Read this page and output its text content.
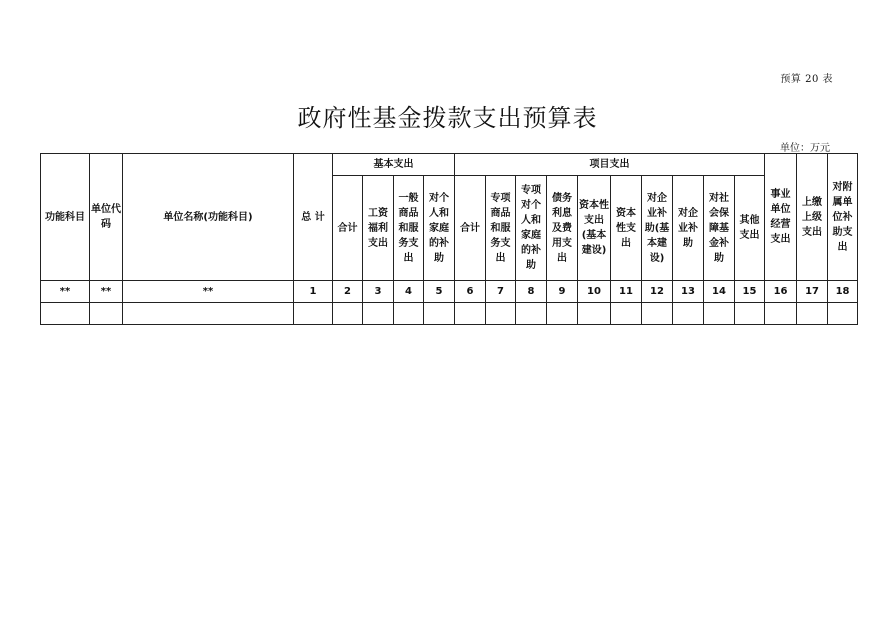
预算 20 表
政府性基金拨款支出预算表
单位：万元
功能科目	单位代码	单位名称(功能科目)	总 计	基本支出				项目支出										事业单位经营支出	上缴上级支出	对附属单位补助支出
				合计	工资福利支出	一般商品和服务支出	对个人和家庭的补助	合计	专项商品和服务支出	专项对个人和家庭的补助	债务利息及费用支出	资本性支出(基本建设)	资本性支出	对企业补助(基本建设)	对企业补助	对社会保障基金补助	其他支出			
**	**	**	1	2	3	4	5	6	7	8	9	10	11	12	13	14	15	16	17	18
